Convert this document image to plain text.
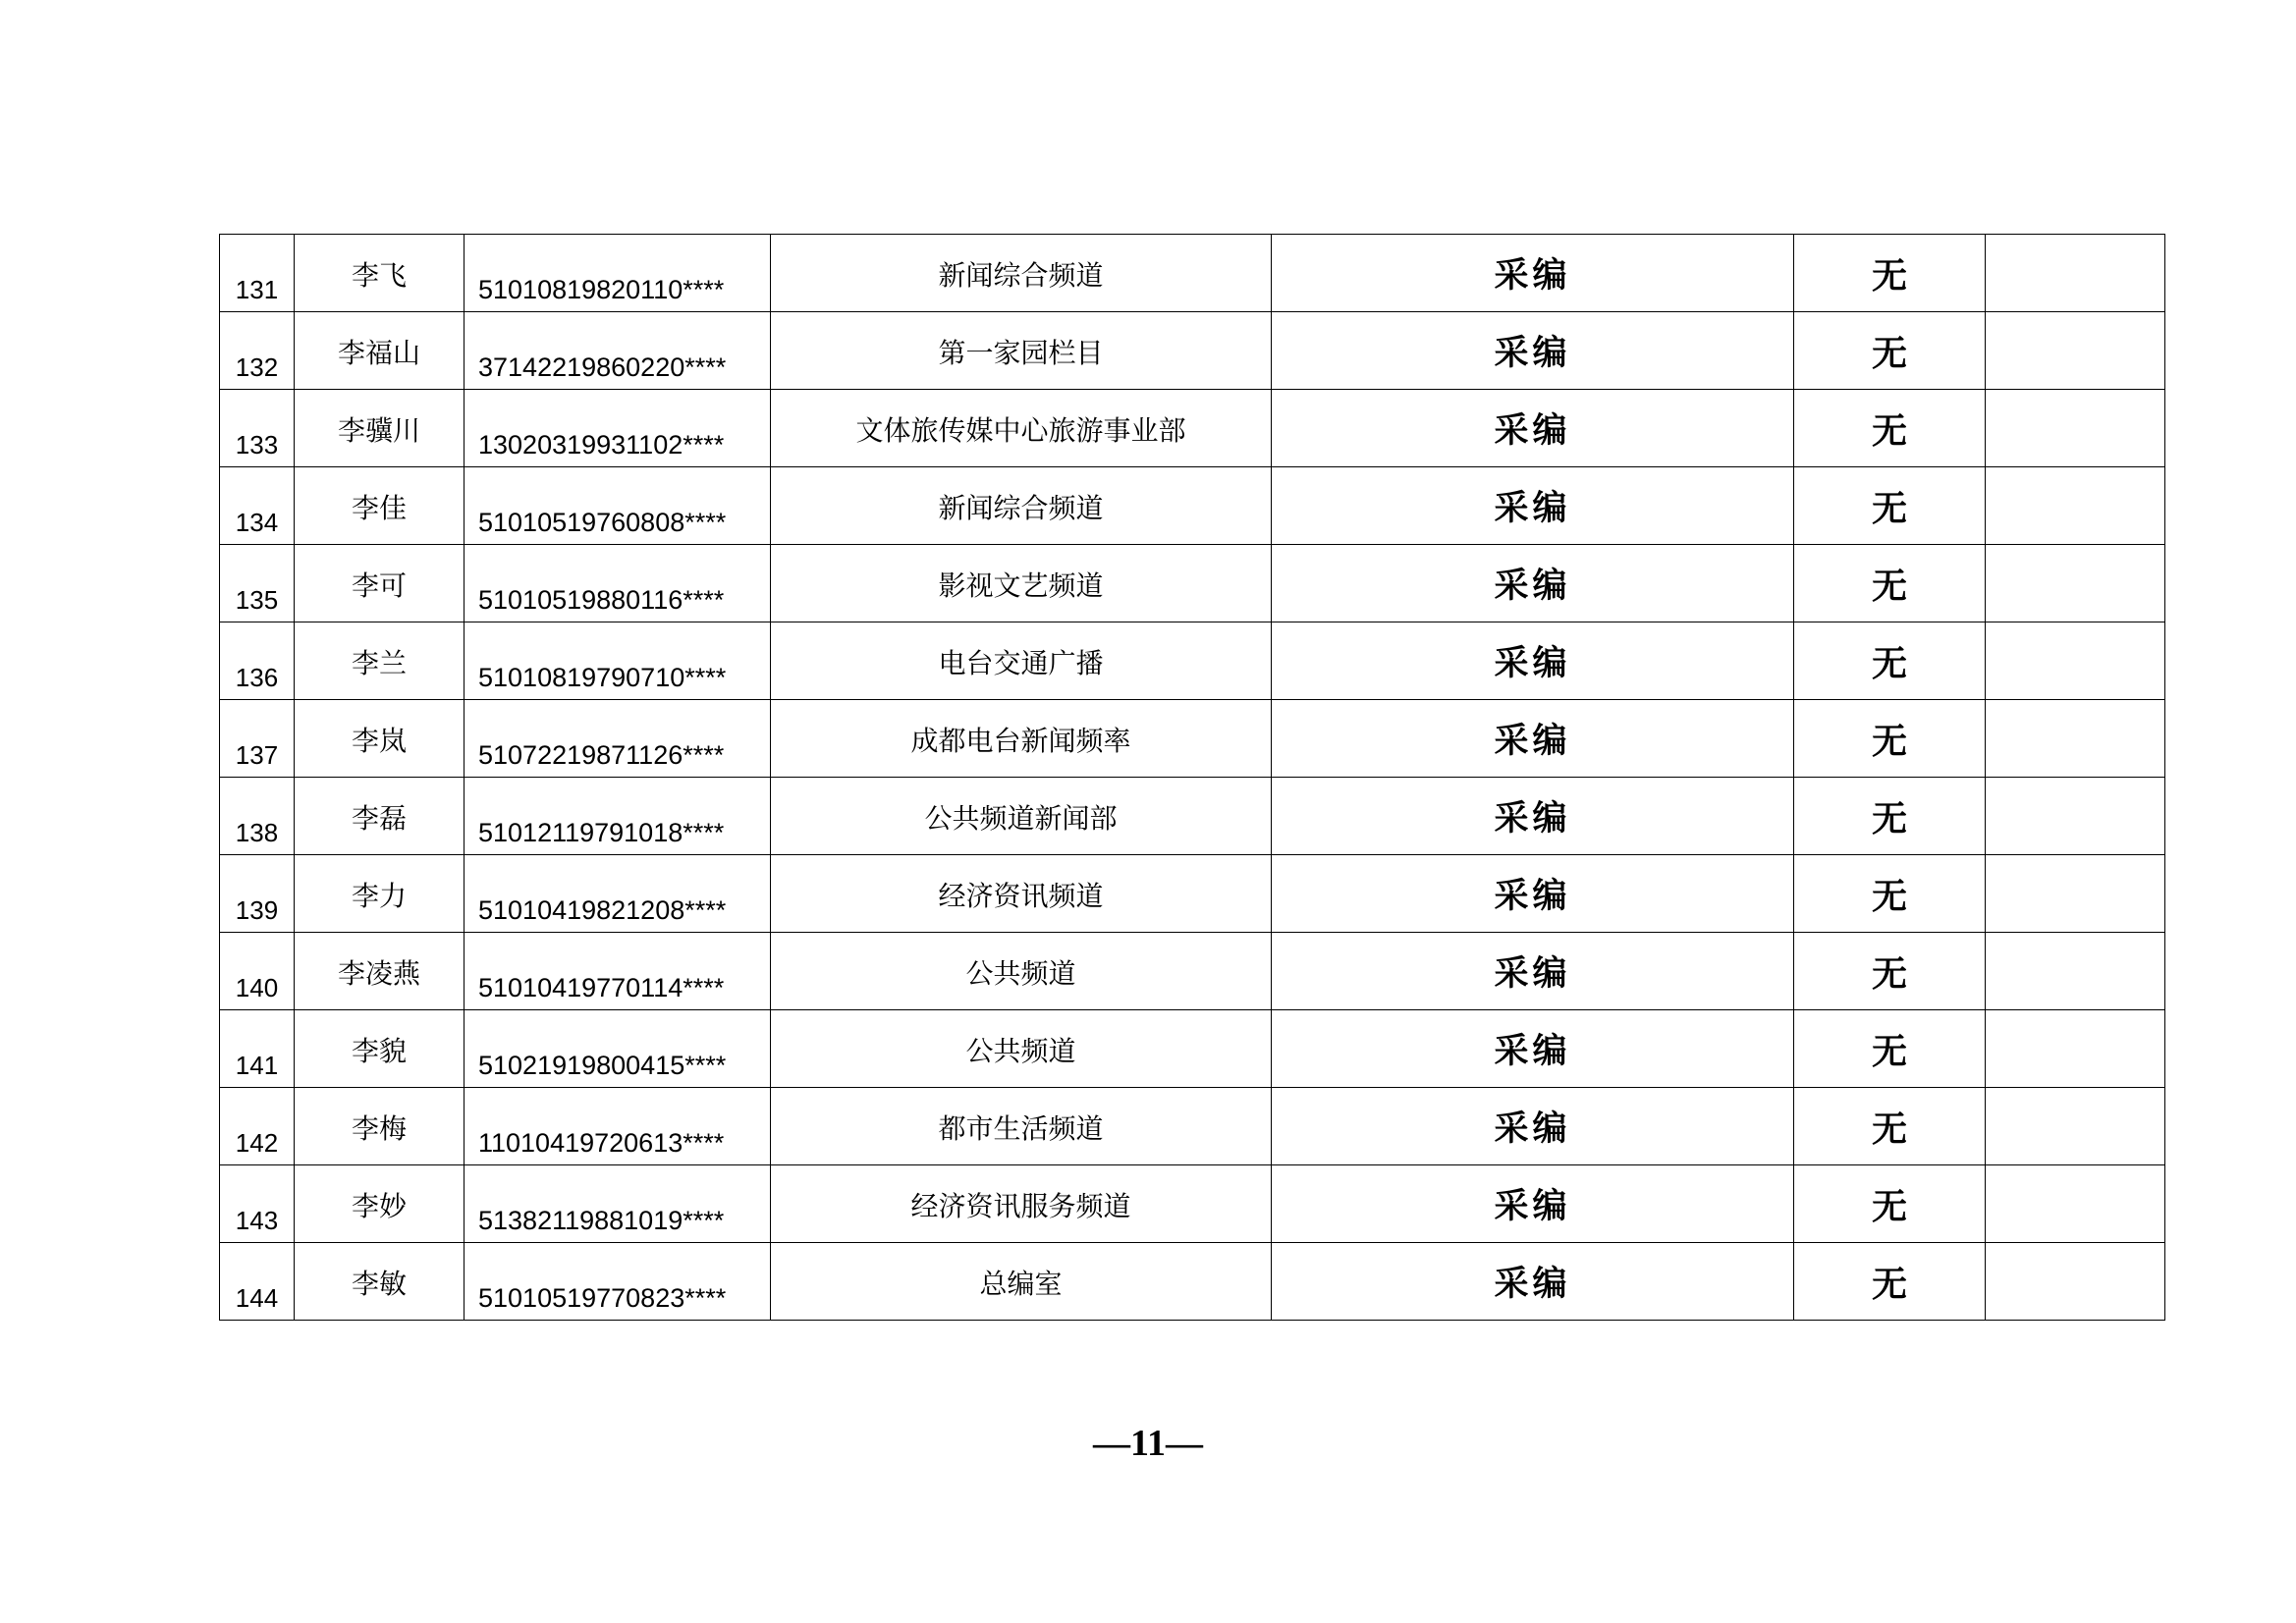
131	李飞	51010819820110****	新闻综合频道	采编	无	

132	李福山	37142219860220****	第一家园栏目	采编	无	

133	李骥川	13020319931102****	文体旅传媒中心旅游事业部	采编	无	

134	李佳	51010519760808****	新闻综合频道	采编	无	

135	李可	51010519880116****	影视文艺频道	采编	无	

136	李兰	51010819790710****	电台交通广播	采编	无	

137	李岚	51072219871126****	成都电台新闻频率	采编	无	

138	李磊	51012119791018****	公共频道新闻部	采编	无	

139	李力	51010419821208****	经济资讯频道	采编	无	

140	李凌燕	51010419770114****	公共频道	采编	无	

141	李貌	51021919800415****	公共频道	采编	无	

142	李梅	11010419720613****	都市生活频道	采编	无	

143	李妙	51382119881019****	经济资讯服务频道	采编	无	

144	李敏	51010519770823****	总编室	采编	无	
—11—
